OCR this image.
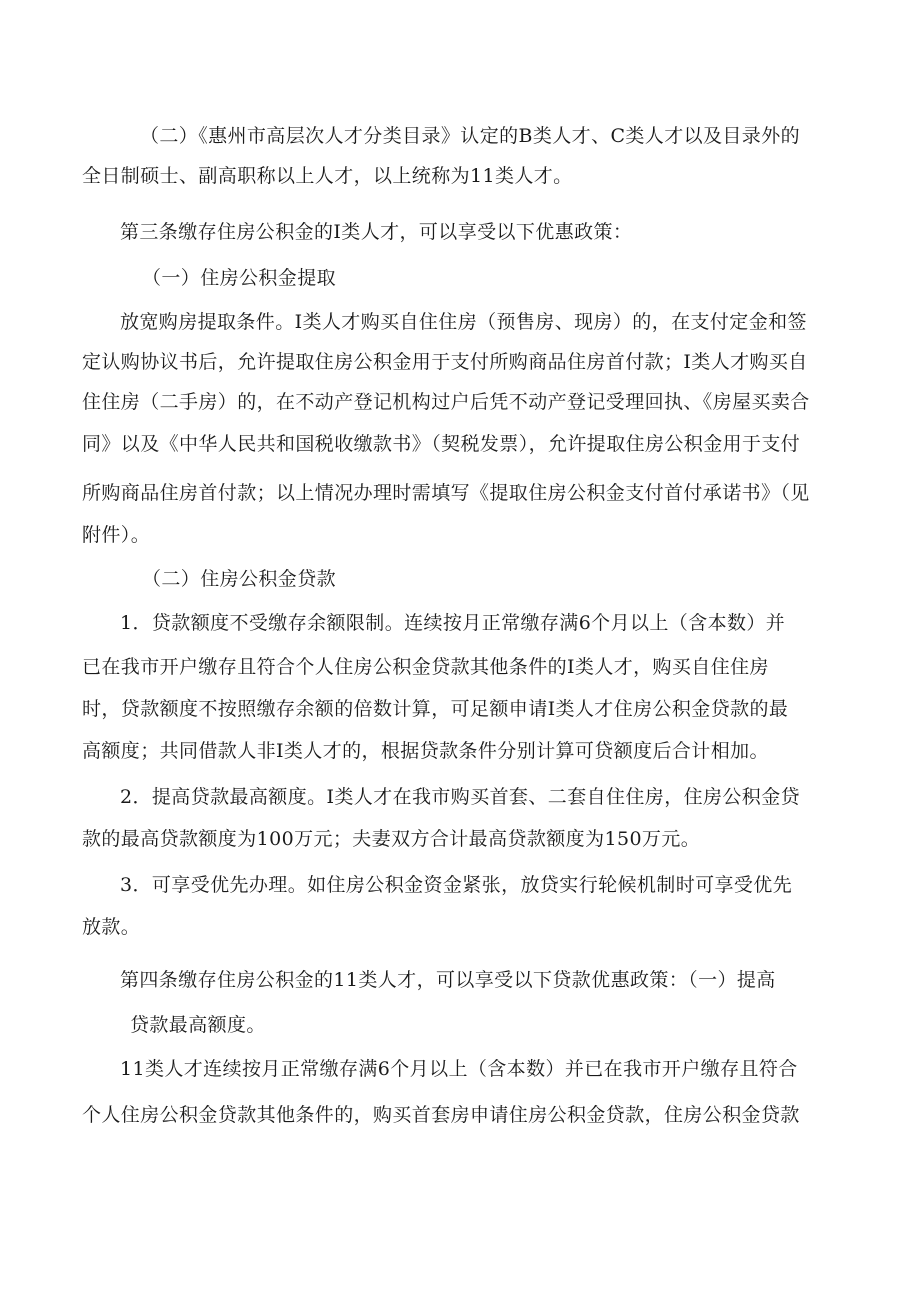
（二）《惠州市高层次人才分类目录》认定的B类人才、C类人才以及目录外的
全日制硕士、副高职称以上人才，以上统称为11类人才。
第三条缴存住房公积金的I类人才，可以享受以下优惠政策：
（一）住房公积金提取
放宽购房提取条件。I类人才购买自住住房（预售房、现房）的，在支付定金和签
定认购协议书后，允许提取住房公积金用于支付所购商品住房首付款；I类人才购买自
住住房（二手房）的，在不动产登记机构过户后凭不动产登记受理回执、《房屋买卖合
同》以及《中华人民共和国税收缴款书》（契税发票），允许提取住房公积金用于支付
所购商品住房首付款；以上情况办理时需填写《提取住房公积金支付首付承诺书》（见
附件）。
（二）住房公积金贷款
1．贷款额度不受缴存余额限制。连续按月正常缴存满6个月以上（含本数）并
已在我市开户缴存且符合个人住房公积金贷款其他条件的I类人才，购买自住住房
时，贷款额度不按照缴存余额的倍数计算，可足额申请I类人才住房公积金贷款的最
高额度；共同借款人非I类人才的，根据贷款条件分别计算可贷额度后合计相加。
2．提高贷款最高额度。I类人才在我市购买首套、二套自住住房，住房公积金贷
款的最高贷款额度为100万元；夫妻双方合计最高贷款额度为150万元。
3．可享受优先办理。如住房公积金资金紧张，放贷实行轮候机制时可享受优先
放款。
第四条缴存住房公积金的11类人才，可以享受以下贷款优惠政策：（一）提高
贷款最高额度。
11类人才连续按月正常缴存满6个月以上（含本数）并已在我市开户缴存且符合
个人住房公积金贷款其他条件的，购买首套房申请住房公积金贷款，住房公积金贷款
